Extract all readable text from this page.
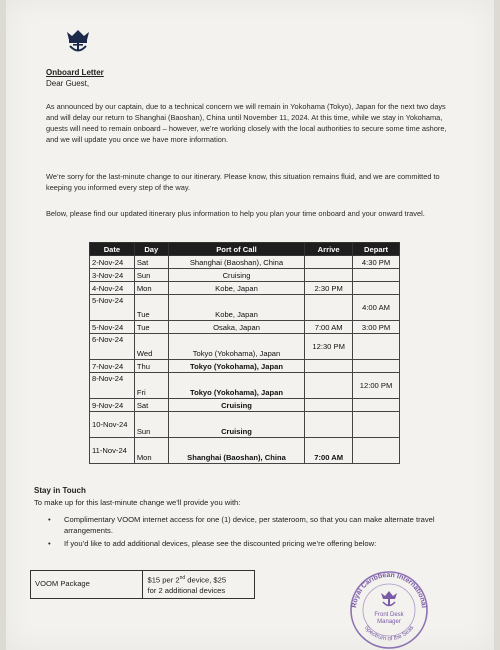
Onboard Letter
Dear Guest,
As announced by our captain, due to a technical concern we will remain in Yokohama (Tokyo), Japan for the next two days and will delay our return to Shanghai (Baoshan), China until November 11, 2024. At this time, while we stay in Yokohama, guests will need to remain onboard – however, we’re working closely with the local authorities to secure some time ashore, and we will update you once we have more information.
We’re sorry for the last-minute change to our itinerary. Please know, this situation remains fluid, and we are committed to keeping you informed every step of the way.
Below, please find our updated itinerary plus information to help you plan your time onboard and your onward travel.
Date	Day	Port of Call	Arrive	Depart
2-Nov-24	Sat	Shanghai (Baoshan), China		4:30 PM
3-Nov-24	Sun	Cruising		
4-Nov-24	Mon	Kobe, Japan	2:30 PM	
5-Nov-24	Tue	Kobe, Japan		4:00 AM
5-Nov-24	Tue	Osaka, Japan	7:00 AM	3:00 PM
6-Nov-24	Wed	Tokyo (Yokohama), Japan	12:30 PM	
7-Nov-24	Thu	Tokyo (Yokohama), Japan		
8-Nov-24	Fri	Tokyo (Yokohama), Japan		12:00 PM
9-Nov-24	Sat	Cruising		
10-Nov-24	Sun	Cruising		
11-Nov-24	Mon	Shanghai (Baoshan), China	7:00 AM	
Stay in Touch
To make up for this last-minute change we’ll provide you with:
• Complimentary VOOM internet access for one (1) device, per stateroom, so that you can make alternate travel arrangements.
• If you’d like to add additional devices, please see the discounted pricing we’re offering below:
VOOM Package	$15 per 2nd device, $25
for 2 additional devices
Royal Caribbean International
Spectrum of the Seas
Front Desk
Manager
